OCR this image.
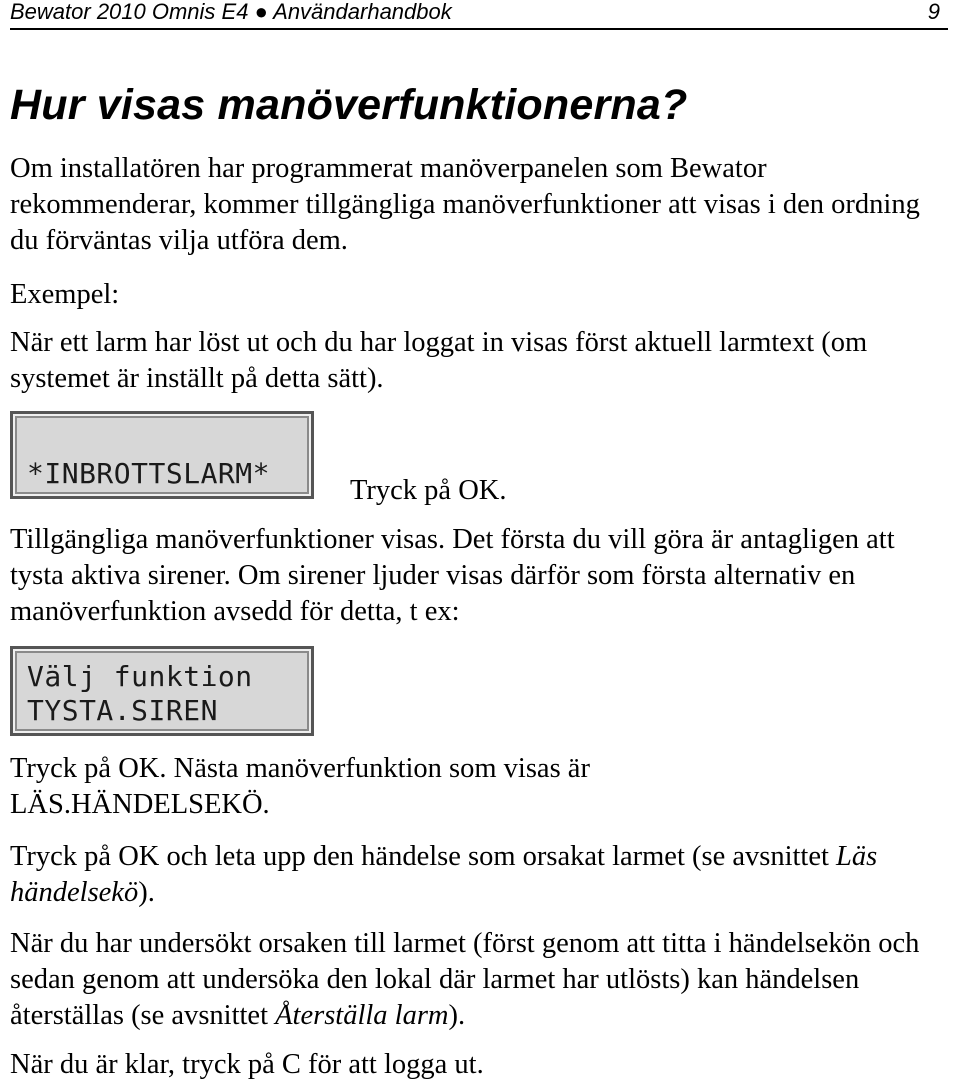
Bewator 2010 Omnis E4 ● Användarhandbok	9
Hur visas manöverfunktionerna?

Om installatören har programmerat manöverpanelen som Bewator rekommenderar, kommer tillgängliga manöverfunktioner att visas i den ordning du förväntas vilja utföra dem.

Exempel:

När ett larm har löst ut och du har loggat in visas först aktuell larmtext (om systemet är inställt på detta sätt).

*INBROTTSLARM*
Tryck på OK.

Tillgängliga manöverfunktioner visas. Det första du vill göra är antagligen att tysta aktiva sirener. Om sirener ljuder visas därför som första alternativ en manöverfunktion avsedd för detta, t ex:

Välj funktion
TYSTA.SIREN

Tryck på OK. Nästa manöverfunktion som visas är LÄS.HÄNDELSEKÖ.

Tryck på OK och leta upp den händelse som orsakat larmet (se avsnittet Läs händelsekö).

När du har undersökt orsaken till larmet (först genom att titta i händelsekön och sedan genom att undersöka den lokal där larmet har utlösts) kan händelsen återställas (se avsnittet Återställa larm).

När du är klar, tryck på C för att logga ut.
